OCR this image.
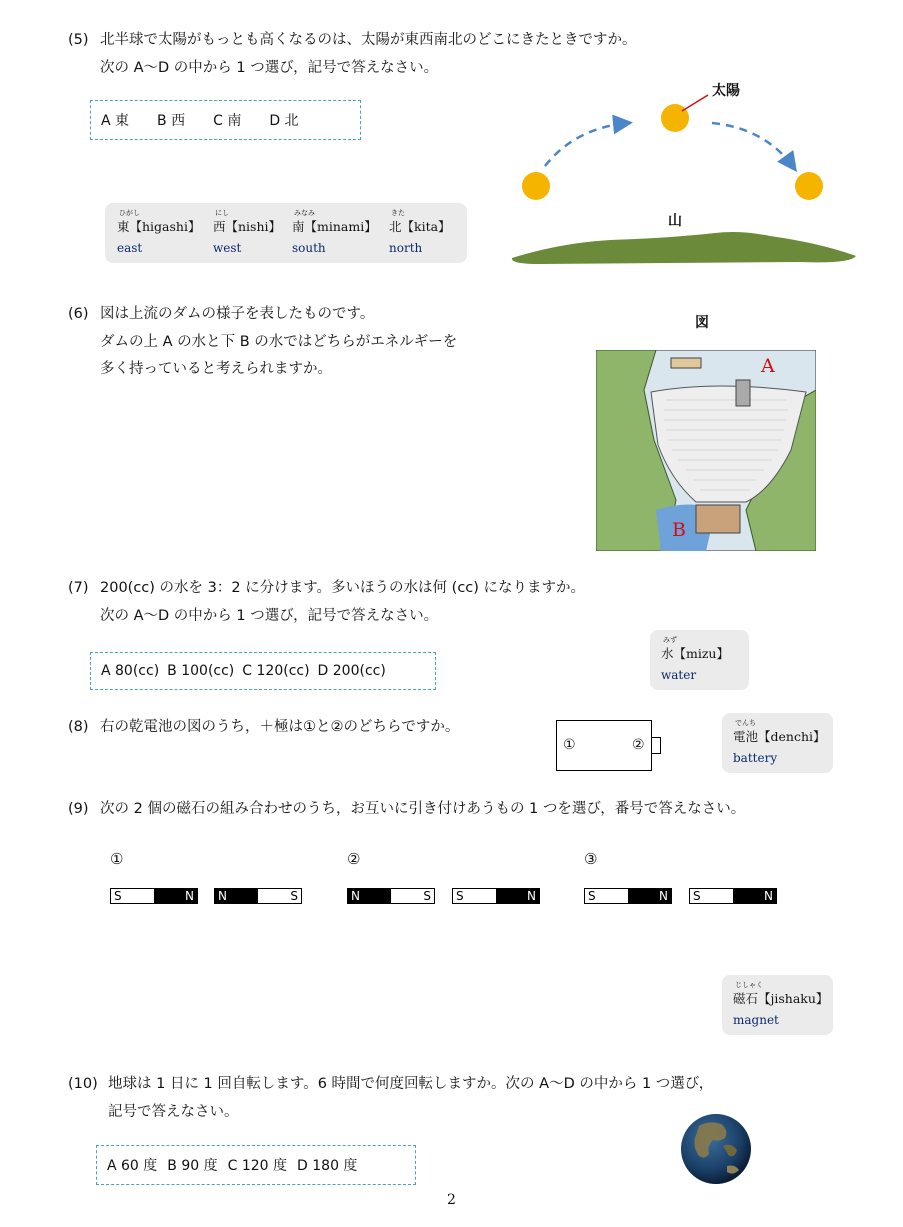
(5) 北半球で太陽がもっとも高くなるのは、太陽が東西南北のどこにきたときですか。
次の A～D の中から 1 つ選び，記号で答えなさい。
A 東 B 西 C 南 D 北
太陽
山
ひがし
東【higashi】
east
にし
西【nishi】
west
みなみ
南【minami】
south
きた
北【kita】
north
(6) 図は上流のダムの様子を表したものです。
ダムの上 A の水と下 B の水ではどちらがエネルギーを
多く持っていると考えられますか。
図
A
B
(7) 200(cc) の水を 3：2 に分けます。多いほうの水は何 (cc) になりますか。
次の A～D の中から 1 つ選び，記号で答えなさい。
A 80(cc) B 100(cc) C 120(cc) D 200(cc)
みず
水【mizu】
water
(8) 右の乾電池の図のうち，＋極は①と②のどちらですか。
①	②
でんち
電池【denchi】
battery
(9) 次の 2 個の磁石の組み合わせのうち，お互いに引き付けあうもの 1 つを選び，番号で答えなさい。
①	②	③
S	N N	S	N	S S	N	S	N S	N
じしゃく
磁石【jishaku】
magnet
(10) 地球は 1 日に 1 回自転します。6 時間で何度回転しますか。次の A～D の中から 1 つ選び，
記号で答えなさい。
A 60 度 B 90 度 C 120 度 D 180 度
2
